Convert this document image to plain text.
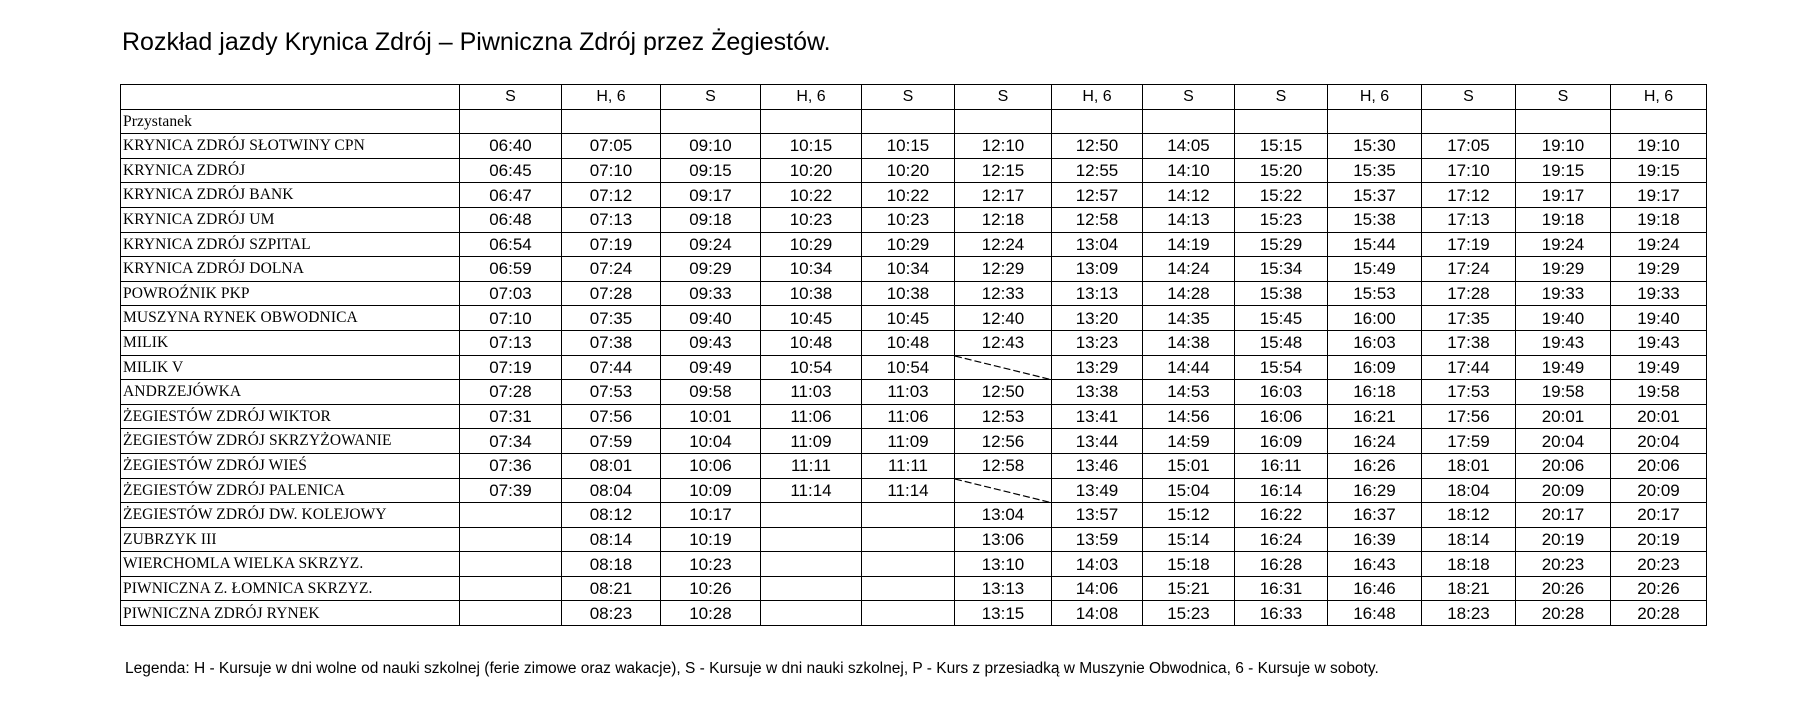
Rozkład jazdy Krynica Zdrój – Piwniczna Zdrój przez Żegiestów.
	S	H, 6	S	H, 6	S	S	H, 6	S	S	H, 6	S	S	H, 6
Przystanek													
KRYNICA ZDRÓJ SŁOTWINY CPN	06:40	07:05	09:10	10:15	10:15	12:10	12:50	14:05	15:15	15:30	17:05	19:10	19:10
KRYNICA ZDRÓJ	06:45	07:10	09:15	10:20	10:20	12:15	12:55	14:10	15:20	15:35	17:10	19:15	19:15
KRYNICA ZDRÓJ BANK	06:47	07:12	09:17	10:22	10:22	12:17	12:57	14:12	15:22	15:37	17:12	19:17	19:17
KRYNICA ZDRÓJ UM	06:48	07:13	09:18	10:23	10:23	12:18	12:58	14:13	15:23	15:38	17:13	19:18	19:18
KRYNICA ZDRÓJ SZPITAL	06:54	07:19	09:24	10:29	10:29	12:24	13:04	14:19	15:29	15:44	17:19	19:24	19:24
KRYNICA ZDRÓJ DOLNA	06:59	07:24	09:29	10:34	10:34	12:29	13:09	14:24	15:34	15:49	17:24	19:29	19:29
POWROŹNIK PKP	07:03	07:28	09:33	10:38	10:38	12:33	13:13	14:28	15:38	15:53	17:28	19:33	19:33
MUSZYNA RYNEK OBWODNICA	07:10	07:35	09:40	10:45	10:45	12:40	13:20	14:35	15:45	16:00	17:35	19:40	19:40
MILIK	07:13	07:38	09:43	10:48	10:48	12:43	13:23	14:38	15:48	16:03	17:38	19:43	19:43
MILIK V	07:19	07:44	09:49	10:54	10:54		13:29	14:44	15:54	16:09	17:44	19:49	19:49
ANDRZEJÓWKA	07:28	07:53	09:58	11:03	11:03	12:50	13:38	14:53	16:03	16:18	17:53	19:58	19:58
ŻEGIESTÓW ZDRÓJ WIKTOR	07:31	07:56	10:01	11:06	11:06	12:53	13:41	14:56	16:06	16:21	17:56	20:01	20:01
ŻEGIESTÓW ZDRÓJ SKRZYŻOWANIE	07:34	07:59	10:04	11:09	11:09	12:56	13:44	14:59	16:09	16:24	17:59	20:04	20:04
ŻEGIESTÓW ZDRÓJ WIEŚ	07:36	08:01	10:06	11:11	11:11	12:58	13:46	15:01	16:11	16:26	18:01	20:06	20:06
ŻEGIESTÓW ZDRÓJ PALENICA	07:39	08:04	10:09	11:14	11:14		13:49	15:04	16:14	16:29	18:04	20:09	20:09
ŻEGIESTÓW ZDRÓJ DW. KOLEJOWY		08:12	10:17			13:04	13:57	15:12	16:22	16:37	18:12	20:17	20:17
ZUBRZYK III		08:14	10:19			13:06	13:59	15:14	16:24	16:39	18:14	20:19	20:19
WIERCHOMLA WIELKA SKRZYZ.		08:18	10:23			13:10	14:03	15:18	16:28	16:43	18:18	20:23	20:23
PIWNICZNA Z. ŁOMNICA SKRZYZ.		08:21	10:26			13:13	14:06	15:21	16:31	16:46	18:21	20:26	20:26
PIWNICZNA ZDRÓJ RYNEK		08:23	10:28			13:15	14:08	15:23	16:33	16:48	18:23	20:28	20:28
Legenda: H - Kursuje w dni wolne od nauki szkolnej (ferie zimowe oraz wakacje), S - Kursuje w dni nauki szkolnej, P - Kurs z przesiadką w Muszynie Obwodnica, 6 - Kursuje w soboty.
